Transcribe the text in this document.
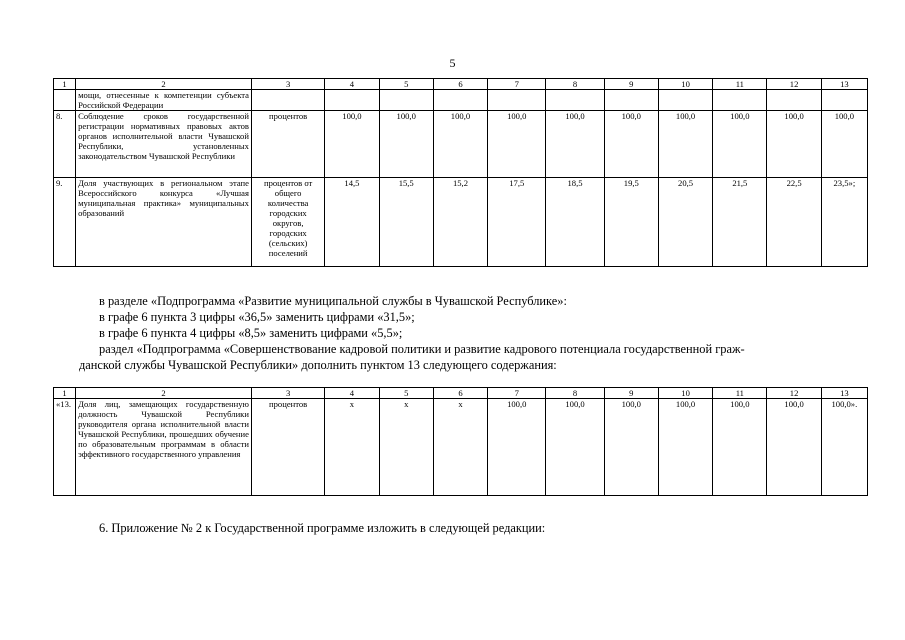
5
1	2	3	4	5	6	7	8	9	10	11	12	13
	мощи, отнесенные к компетенции субъекта Российской Федерации											
8.	Соблюдение сроков государственной регистрации нормативных правовых актов органов исполнительной власти Чувашской Республики, установленных законодательством Чувашской Республики	процентов	100,0	100,0	100,0	100,0	100,0	100,0	100,0	100,0	100,0	100,0
9.	Доля участвующих в региональном этапе Всероссийского конкурса «Лучшая муниципальная практика» муниципальных образований	процентов от общего количества городских округов, городских (сельских) поселений	14,5	15,5	15,2	17,5	18,5	19,5	20,5	21,5	22,5	23,5»;
в разделе «Подпрограмма «Развитие муниципальной службы в Чувашской Республике»:
в графе 6 пункта 3 цифры «36,5» заменить цифрами «31,5»;
в графе 6 пункта 4 цифры «8,5» заменить цифрами «5,5»;
раздел «Подпрограмма «Совершенствование кадровой политики и развитие кадрового потенциала государственной граж-
данской службы Чувашской Республики» дополнить пунктом 13 следующего содержания:
1	2	3	4	5	6	7	8	9	10	11	12	13
«13.	Доля лиц, замещающих государственную должность Чувашской Республики руководителя органа исполнительной власти Чувашской Республики, прошедших обучение по образовательным программам в области эффективного государственного управления	процентов	x	x	x	100,0	100,0	100,0	100,0	100,0	100,0	100,0».
6. Приложение № 2 к Государственной программе изложить в следующей редакции:
